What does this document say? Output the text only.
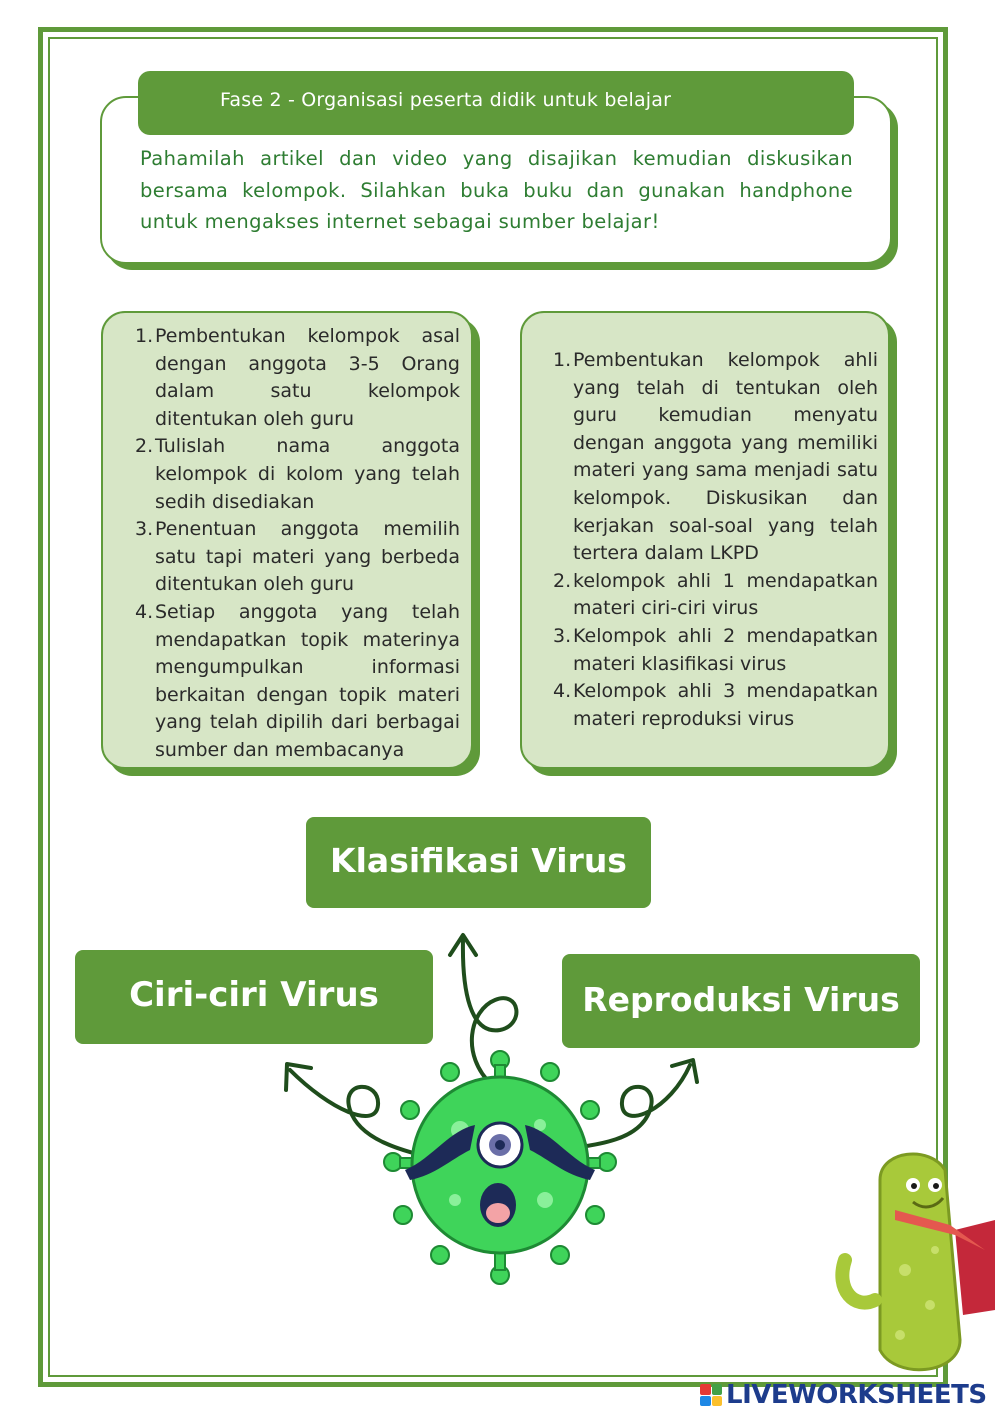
Fase 2 - Organisasi peserta didik untuk belajar

Pahamilah artikel dan video yang disajikan kemudian diskusikan bersama kelompok. Silahkan buka buku dan gunakan handphone untuk mengakses internet sebagai sumber belajar!

1. Pembentukan kelompok asal dengan anggota 3-5 Orang dalam satu kelompok ditentukan oleh guru
2. Tulislah nama anggota kelompok di kolom yang telah sedih disediakan
3. Penentuan anggota memilih satu tapi materi yang berbeda ditentukan oleh guru
4. Setiap anggota yang telah mendapatkan topik materinya mengumpulkan informasi berkaitan dengan topik materi yang telah dipilih dari berbagai sumber dan membacanya
1. Pembentukan kelompok ahli yang telah di tentukan oleh guru kemudian menyatu dengan anggota yang memiliki materi yang sama menjadi satu kelompok. Diskusikan dan kerjakan soal-soal yang telah tertera dalam LKPD
2. kelompok ahli 1 mendapatkan materi ciri-ciri virus
3. Kelompok ahli 2 mendapatkan materi klasifikasi virus
4. Kelompok ahli 3 mendapatkan materi reproduksi virus
Klasifikasi Virus
Ciri-ciri Virus	Reproduksi Virus
LIVEWORKSHEETS
